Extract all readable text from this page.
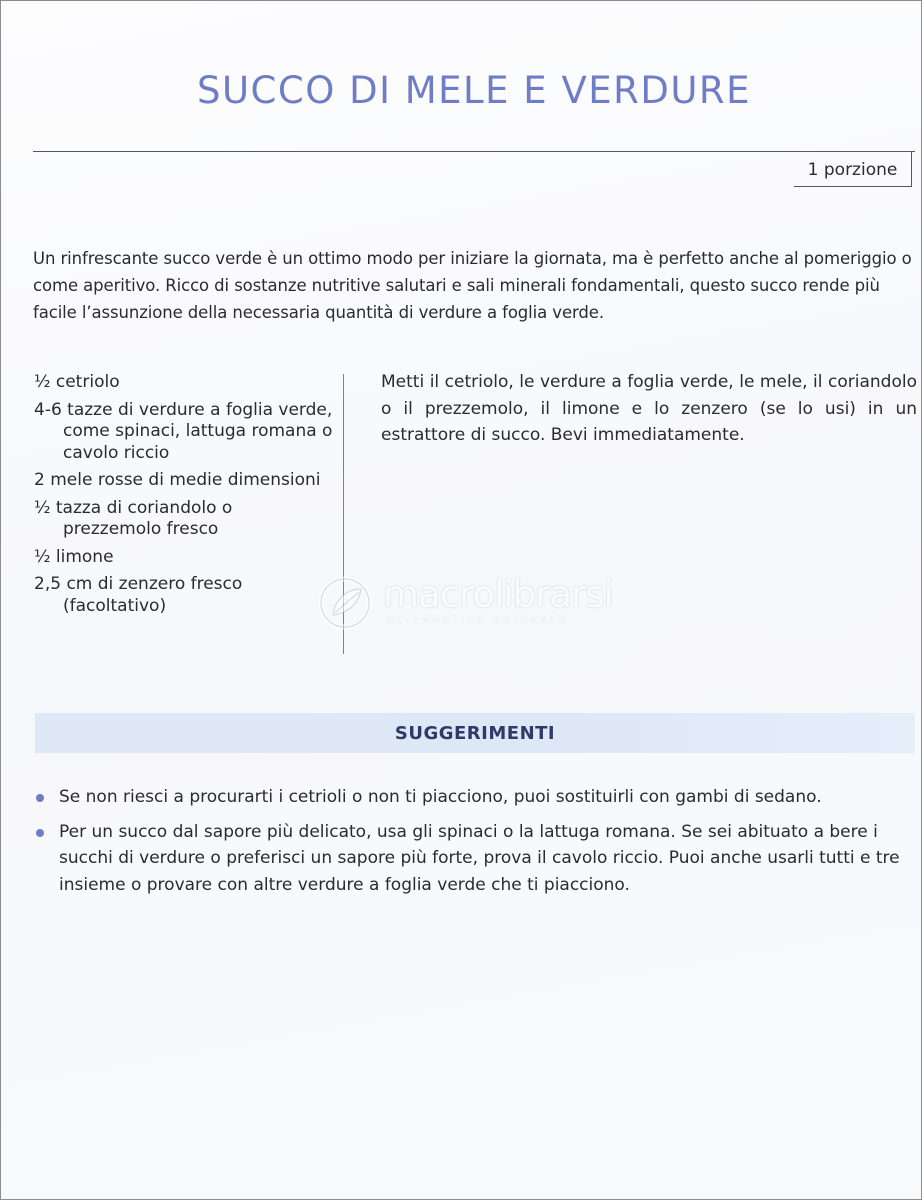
SUCCO DI MELE E VERDURE
1 porzione

Un rinfrescante succo verde è un ottimo modo per iniziare la giornata, ma è perfetto anche al pomeriggio o come aperitivo. Ricco di sostanze nutritive salutari e sali minerali fondamentali, questo succo rende più facile l’assunzione della necessaria quantità di verdure a foglia verde.

½ cetriolo
4-6 tazze di verdure a foglia verde, come spinaci, lattuga romana o cavolo riccio
2 mele rosse di medie dimensioni
½ tazza di coriandolo o prezzemolo fresco
½ limone
2,5 cm di zenzero fresco (facoltativo)

Metti il cetriolo, le verdure a foglia verde, le mele, il coriandolo o il prezzemolo, il limone e lo zenzero (se lo usi) in un estrattore di succo. Bevi immediatamente.

macrolibrarsi
ALTERNATIVA NATURALE
SUGGERIMENTI
Se non riesci a procurarti i cetrioli o non ti piacciono, puoi sostituirli con gambi di sedano.
Per un succo dal sapore più delicato, usa gli spinaci o la lattuga romana. Se sei abituato a bere i succhi di verdure o preferisci un sapore più forte, prova il cavolo riccio. Puoi anche usarli tutti e tre insieme o provare con altre verdure a foglia verde che ti piacciono.
